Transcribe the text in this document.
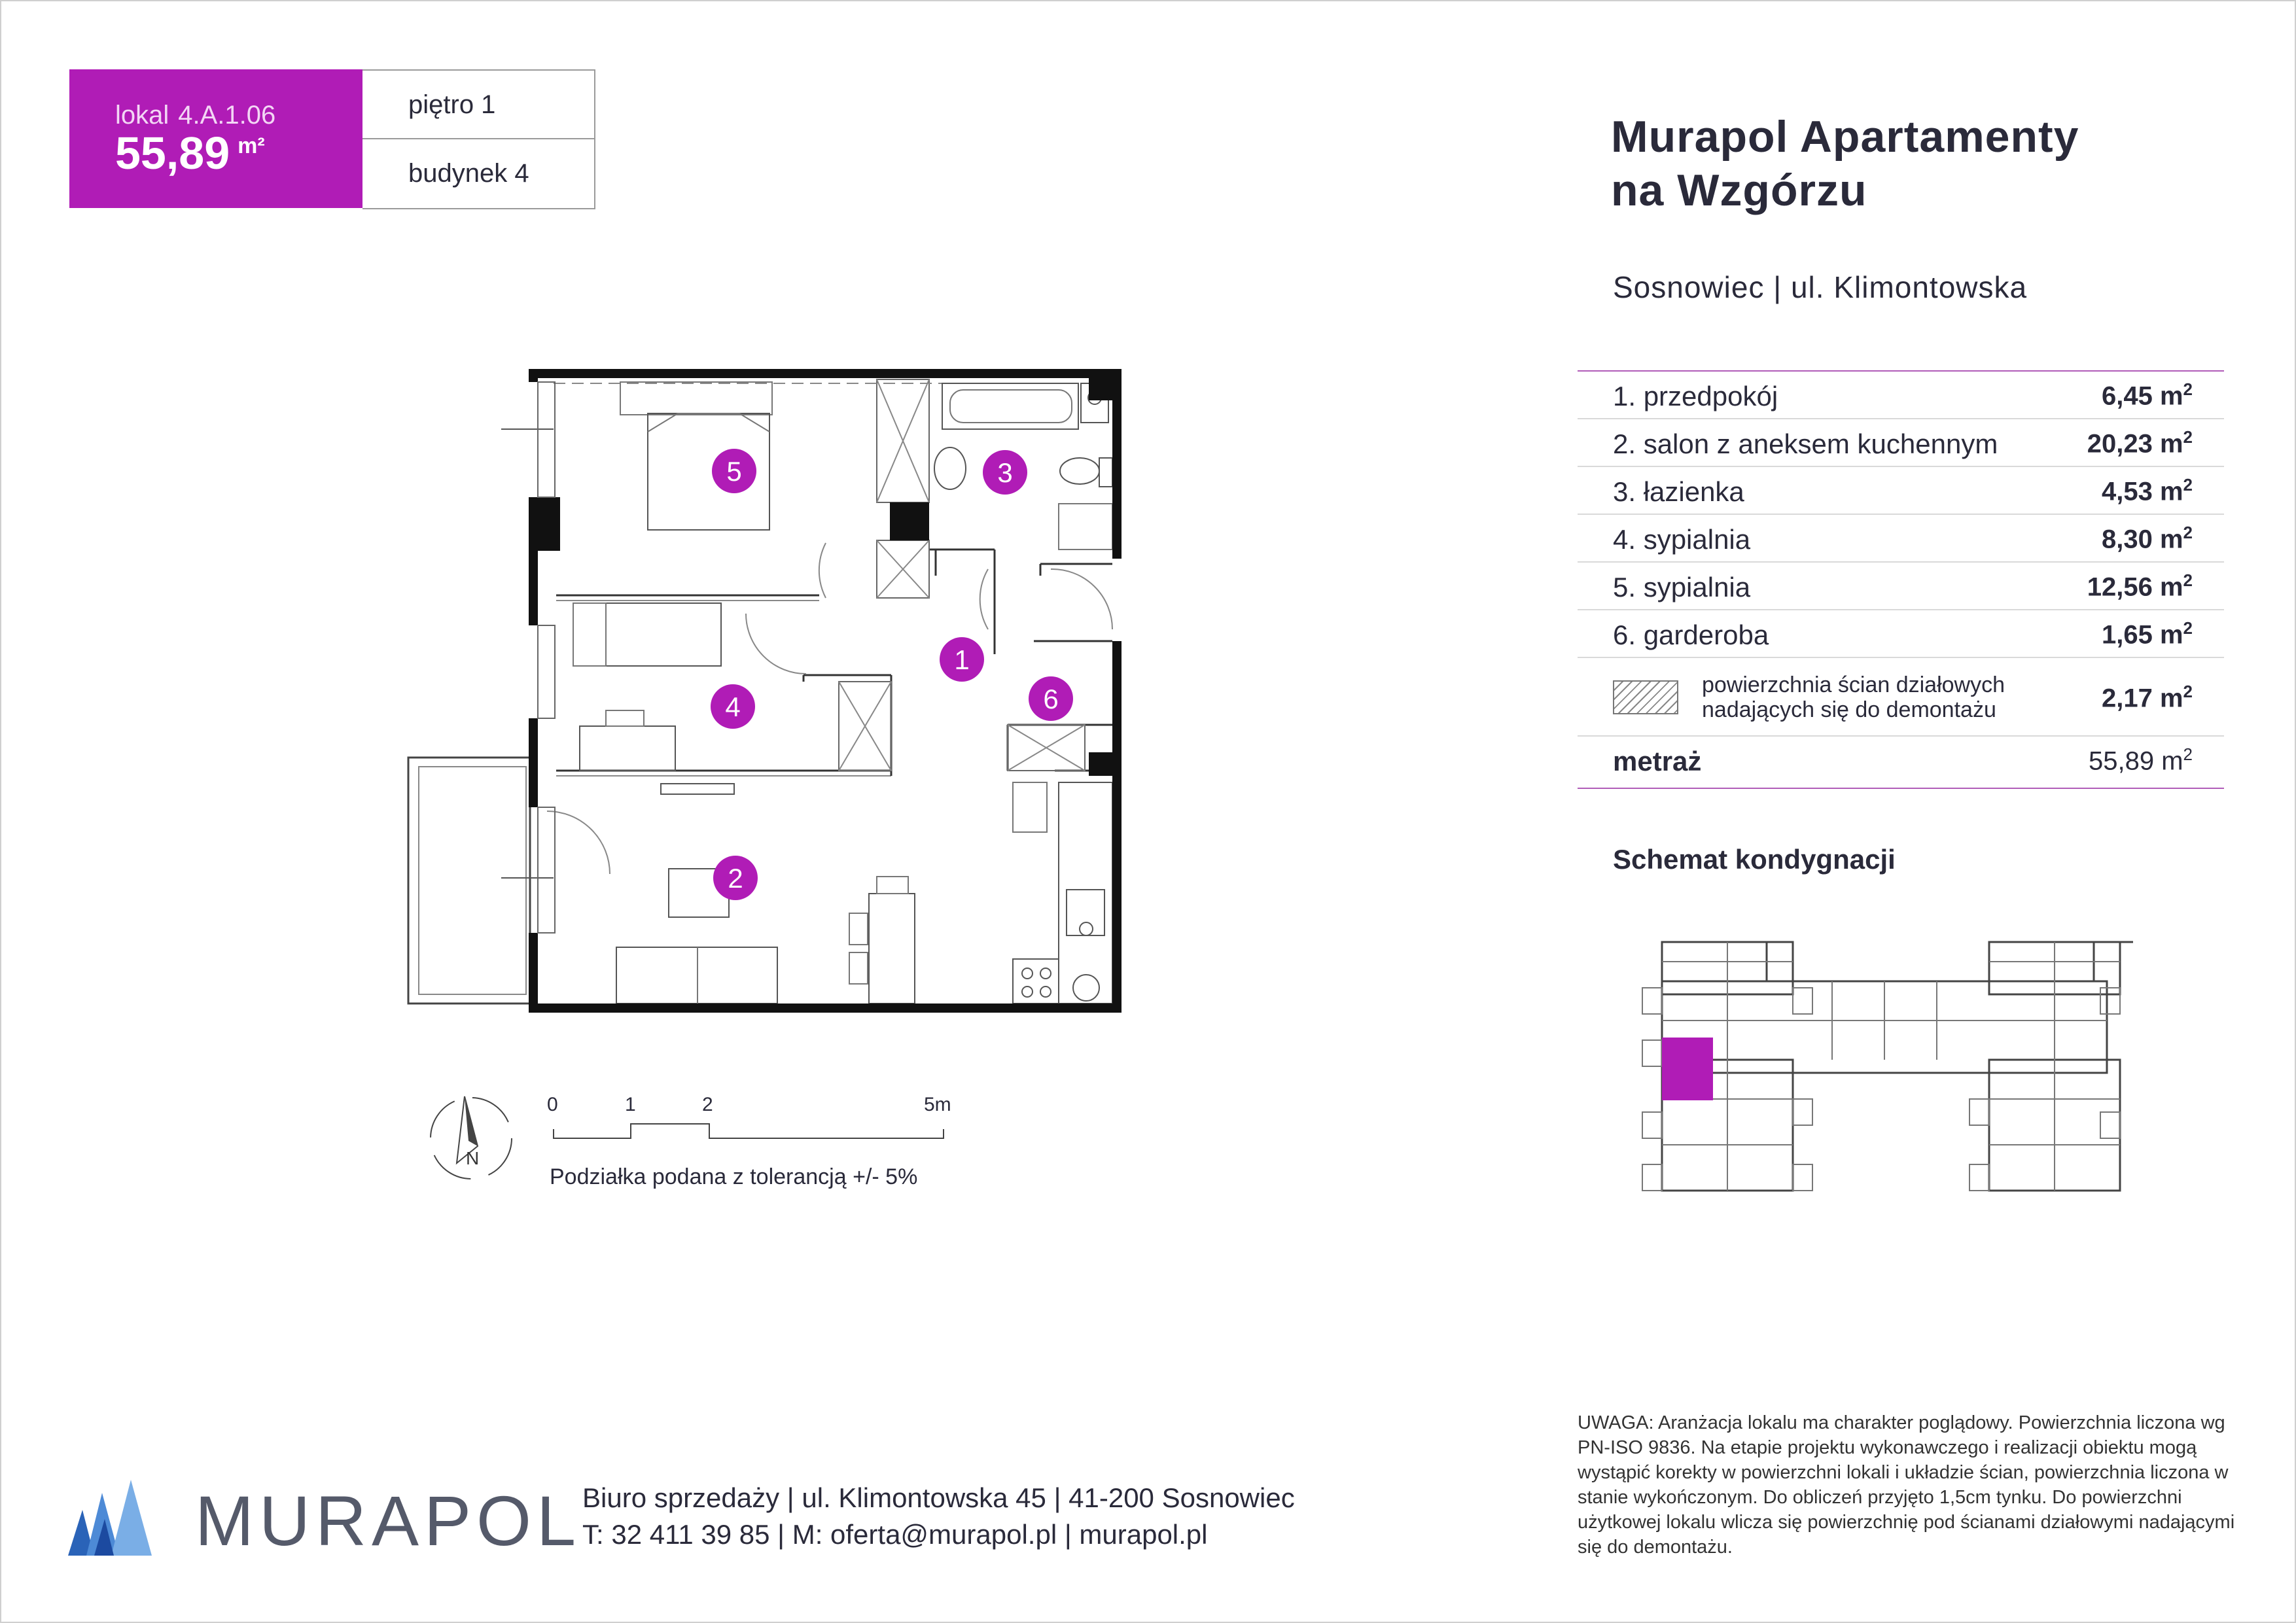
lokal 4.A.1.06
55,89 $^{m^2}$
piętro 1
budynek 4
Murapol Apartamenty
na Wzgórzu
Sosnowiec | ul. Klimontowska
1. przedpokój	6,45 $m^2$
2. salon z aneksem kuchennym	20,23 $m^2$
3. łazienka	4,53 $m^2$
4. sypialnia	8,30 $m^2$
5. sypialnia	12,56 $m^2$
6. garderoba	1,65 $m^2$
powierzchnia ścian działowych
nadających się do demontażu	2,17 $m^2$
metraż	55,89 $m^2$
Schemat kondygnacji
1
2
3
4
5
6
N
0	1	2	5m
Podziałka podana z tolerancją +/- 5%
MURAPOL Biuro sprzedaży | ul. Klimontowska 45 | 41-200 Sosnowiec
T: 32 411 39 85 | M: oferta@murapol.pl | murapol.pl
UWAGA: Aranżacja lokalu ma charakter poglądowy. Powierzchnia liczona wg PN-ISO 9836. Na etapie projektu wykonawczego i realizacji obiektu mogą wystąpić korekty w powierzchni lokali i układzie ścian, powierzchnia liczona w stanie wykończonym. Do obliczeń przyjęto 1,5cm tynku. Do powierzchni użytkowej lokalu wlicza się powierzchnię pod ścianami działowymi nadającymi się do demontażu.
